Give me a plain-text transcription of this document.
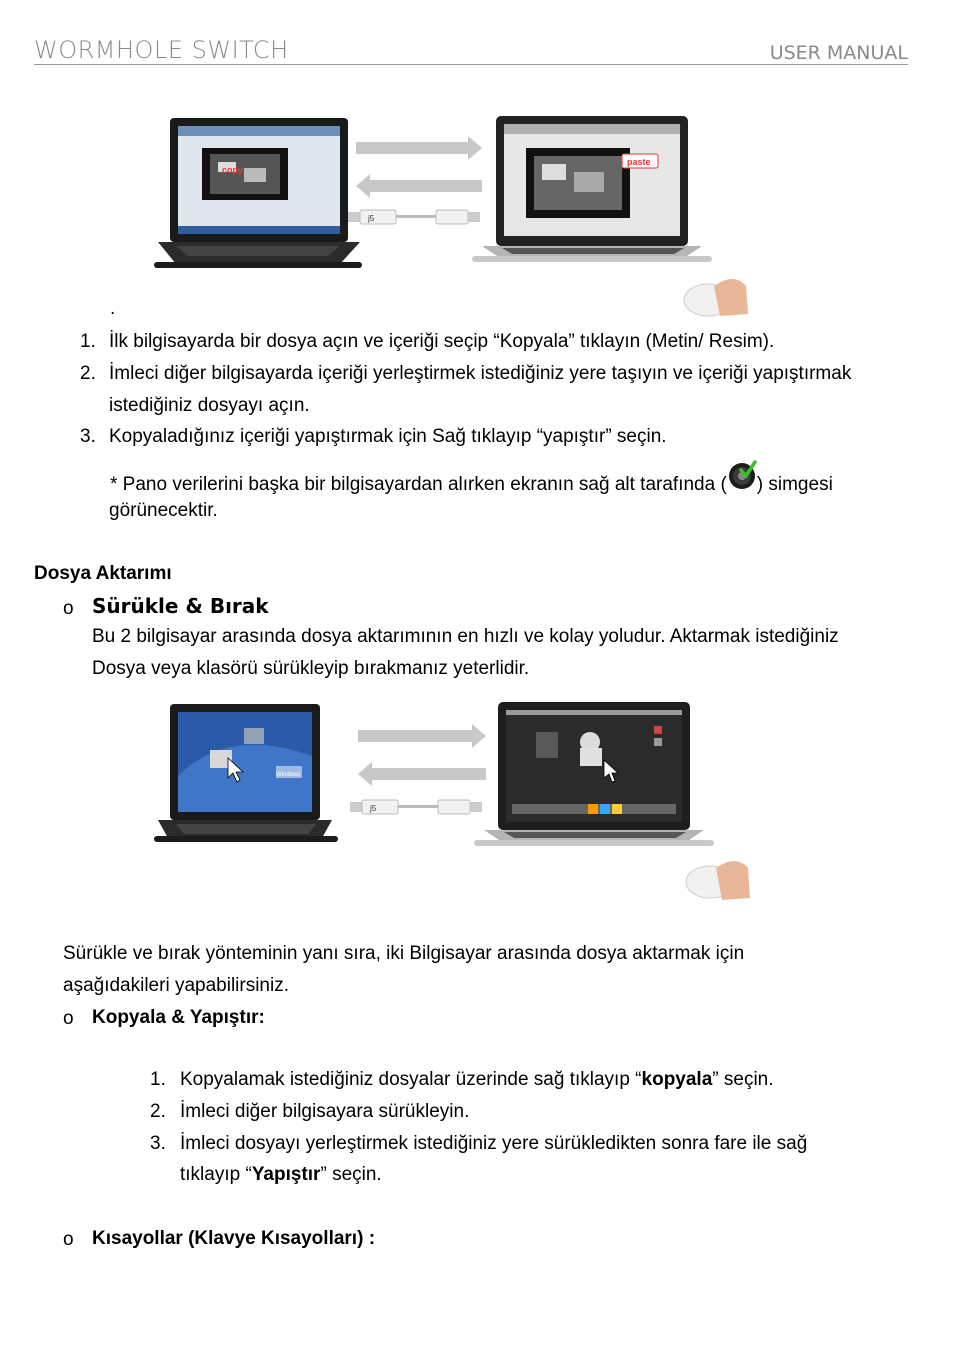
WORMHOLE SWITCH	USER MANUAL
copy
j5
paste
.
1. İlk bilgisayarda bir dosya açın ve içeriği seçip “Kopyala” tıklayın (Metin/ Resim).
2. İmleci diğer bilgisayarda içeriği yerleştirmek istediğiniz yere taşıyın ve içeriği yapıştırmak
istediğiniz dosyayı açın.
3. Kopyaladığınız içeriği yapıştırmak için Sağ tıklayıp “yapıştır” seçin.
* Pano verilerini başka bir bilgisayardan alırken ekranın sağ alt tarafında ( ) simgesi
görünecektir.
Dosya Aktarımı
o Sürükle & Bırak
Bu 2 bilgisayar arasında dosya aktarımının en hızlı ve kolay yoludur. Aktarmak istediğiniz
Dosya veya klasörü sürükleyip bırakmanız yeterlidir.
Windows
j5
Sürükle ve bırak yönteminin yanı sıra, iki Bilgisayar arasında dosya aktarmak için
aşağıdakileri yapabilirsiniz.
o Kopyala & Yapıştır:
1. Kopyalamak istediğiniz dosyalar üzerinde sağ tıklayıp “kopyala” seçin.
2. İmleci diğer bilgisayara sürükleyin.
3. İmleci dosyayı yerleştirmek istediğiniz yere sürükledikten sonra fare ile sağ
tıklayıp “Yapıştır” seçin.
o Kısayollar (Klavye Kısayolları) :
